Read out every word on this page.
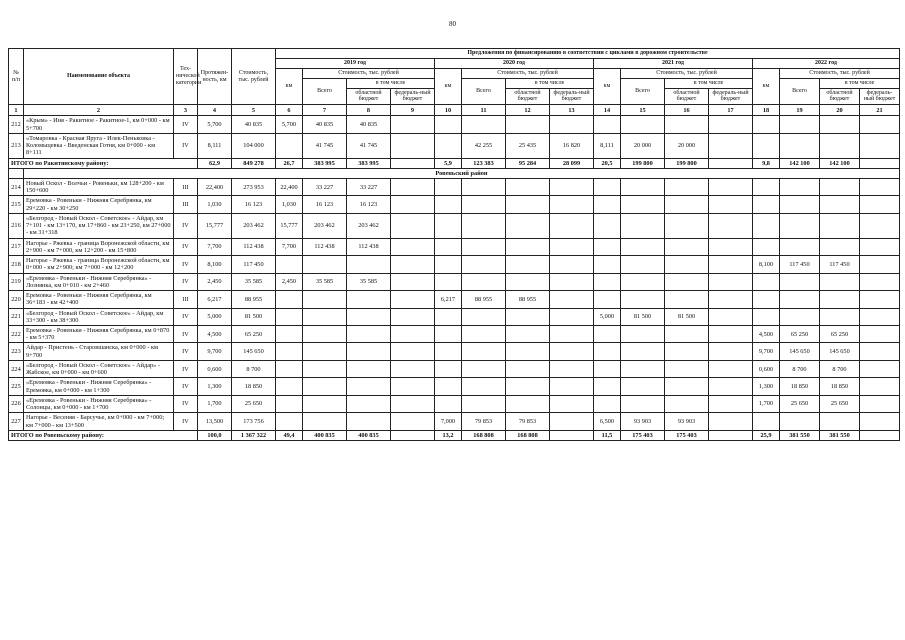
80
№ п/п	Наименование объекта	Тех-нической категории	Протяжен-ность, км	Стоимость, тыс. рублей	Предложения по финансированию в соответствии с циклами в дорожном строительстве															
					2019 год				2020 год				2021 год				2022 год			
					км	Стоимость, тыс. рублей			км	Стоимость, тыс. рублей			км	Стоимость, тыс. рублей			км	Стоимость, тыс. рублей		
						Всего	в том числе			Всего	в том числе			Всего	в том числе			Всего	в том числе	
							областной бюджет	федераль-ный бюджет			областной бюджет	федераль-ный бюджет			областной бюджет	федераль-ный бюджет			областной бюджет	федераль-ный бюджет
1	2	3	4	5	6	7	8	9	10	11	12	13	14	15	16	17	18	19	20	21
212	«Крым» - Иня - Ракитное - Ракитное-1, км 0+000 - км 5+700	IV	5,700	40 835	5,700	40 835	40 835													
213	«Томаровка - Красная Яруга - Илек-Пеньковка - Коломыцевка - Введенская Готня, км 0+000 - км 8+111	IV	8,111	104 000		41 745	41 745			42 255	25 435	16 820	8,111	20 000	20 000					
ИТОГО по Ракитянскому району:			62,9	849 278	26,7	383 995	383 995		5,9	123 383	95 284	28 099	20,5	199 800	199 800		9,8	142 100	142 100	
	Ровеньский район																			
214	Новый Оскол - Волчьи - Ровеньки, км 128+200 - км 150+600	III	22,400	273 953	22,400	33 227	33 227													
215	Еремовка - Ровеньки - Нижняя Серебрянка, км 29+220 - км 30+250	III	1,030	16 123	1,030	16 123	16 123													
216	«Белгород - Новый Оскол - Советское» - Айдар, км 7+101 - км 13+170, км 17+860 - км 23+250, км 27+000 - км 31+318	IV	15,777	203 462	15,777	203 462	203 462													
217	Нагорье - Ржевка - граница Воронежской области, км 2+900 - км 7+000, км 12+200 - км 15+800	IV	7,700	112 438	7,700	112 438	112 438													
218	Нагорье - Ржевка - граница Воронежской области, км 0+000 - км 2+900; км 7+000 - км 12+200	IV	8,100	117 450													8,100	117 450	117 450	
219	«Еремовка - Ровеньки - Нижняя Серебрянка» - Лознянка, км 0+010 - км 2+460	IV	2,450	35 585	2,450	35 585	35 585													
220	Еремовка - Ровеньки - Нижняя Серебрянка, км 36+183 - км 42+400	III	6,217	88 955					6,217	88 955	88 955									
221	«Белгород - Новый Оскол - Советское» - Айдар, км 33+300 - км 38+300	IV	5,000	81 500									5,000	81 500	81 500					
222	Еремовка - Ровеньки - Нижняя Серебрянка, км 0+870 - км 5+370	IV	4,500	65 250													4,500	65 250	65 250	
223	Айдар - Пристень - Старовшанска, км 0+000 - км 9+700	IV	9,700	145 650													9,700	145 650	145 650	
224	«Белгород - Новый Оскол - Советское» - Айдар» - Жабское, км 0+000 - км 0+600	IV	0,600	8 700													0,600	8 700	8 700	
225	«Еремовка - Ровеньки - Нижняя Серебрянка» - Еремовка, км 0+000 - км 1+300	IV	1,300	18 850													1,300	18 850	18 850	
226	«Еремовка - Ровеньки - Нижняя Серебрянка» - Солонцы, км 0+000 - км 1+700	IV	1,700	25 650													1,700	25 650	25 650	
227	Нагорье - Весеняя - Барсучье, км 0+000 - км 7+000; км 7+000 - км 13+500	IV	13,500	173 756					7,000	79 853	79 853		6,500	93 903	93 903					
ИТОГО по Ровеньскому району:			100,0	1 367 322	49,4	400 835	400 835		13,2	168 808	168 808		11,5	175 403	175 403		25,9	381 550	381 550	
